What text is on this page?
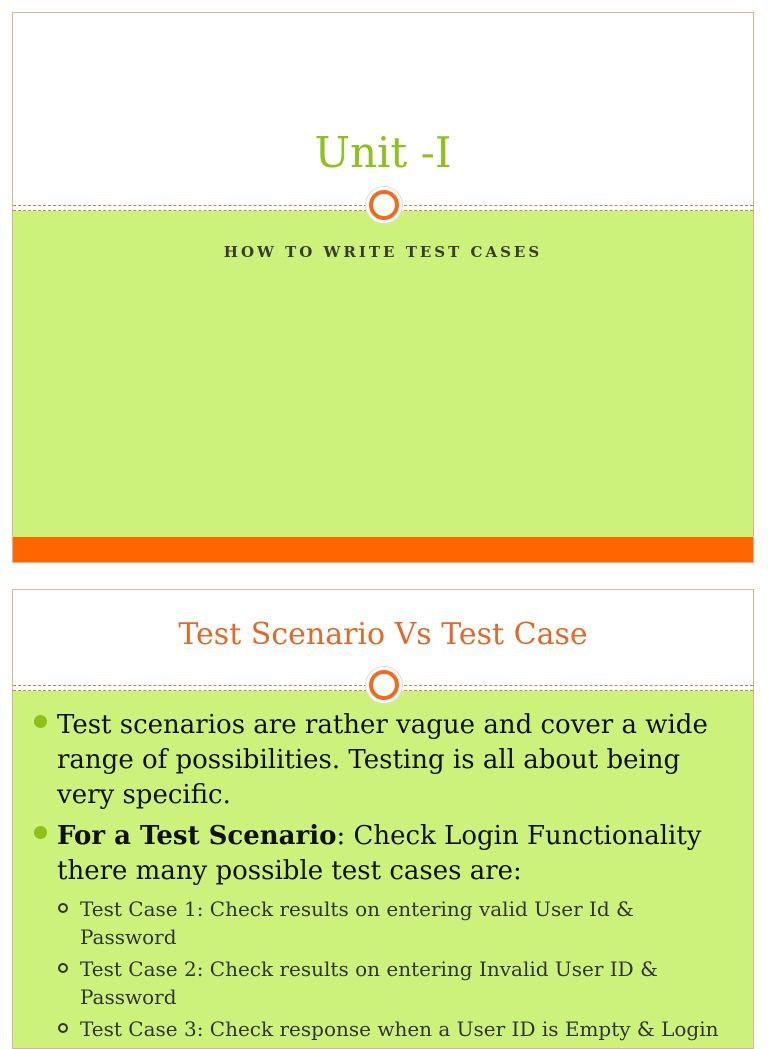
Unit -I
HOW TO WRITE TEST CASES
Test Scenario Vs Test Case
Test scenarios are rather vague and cover a wide range of possibilities. Testing is all about being very specific.
For a Test Scenario: Check Login Functionality there many possible test cases are:
Test Case 1: Check results on entering valid User Id & Password
Test Case 2: Check results on entering Invalid User ID & Password
Test Case 3: Check response when a User ID is Empty & Login
